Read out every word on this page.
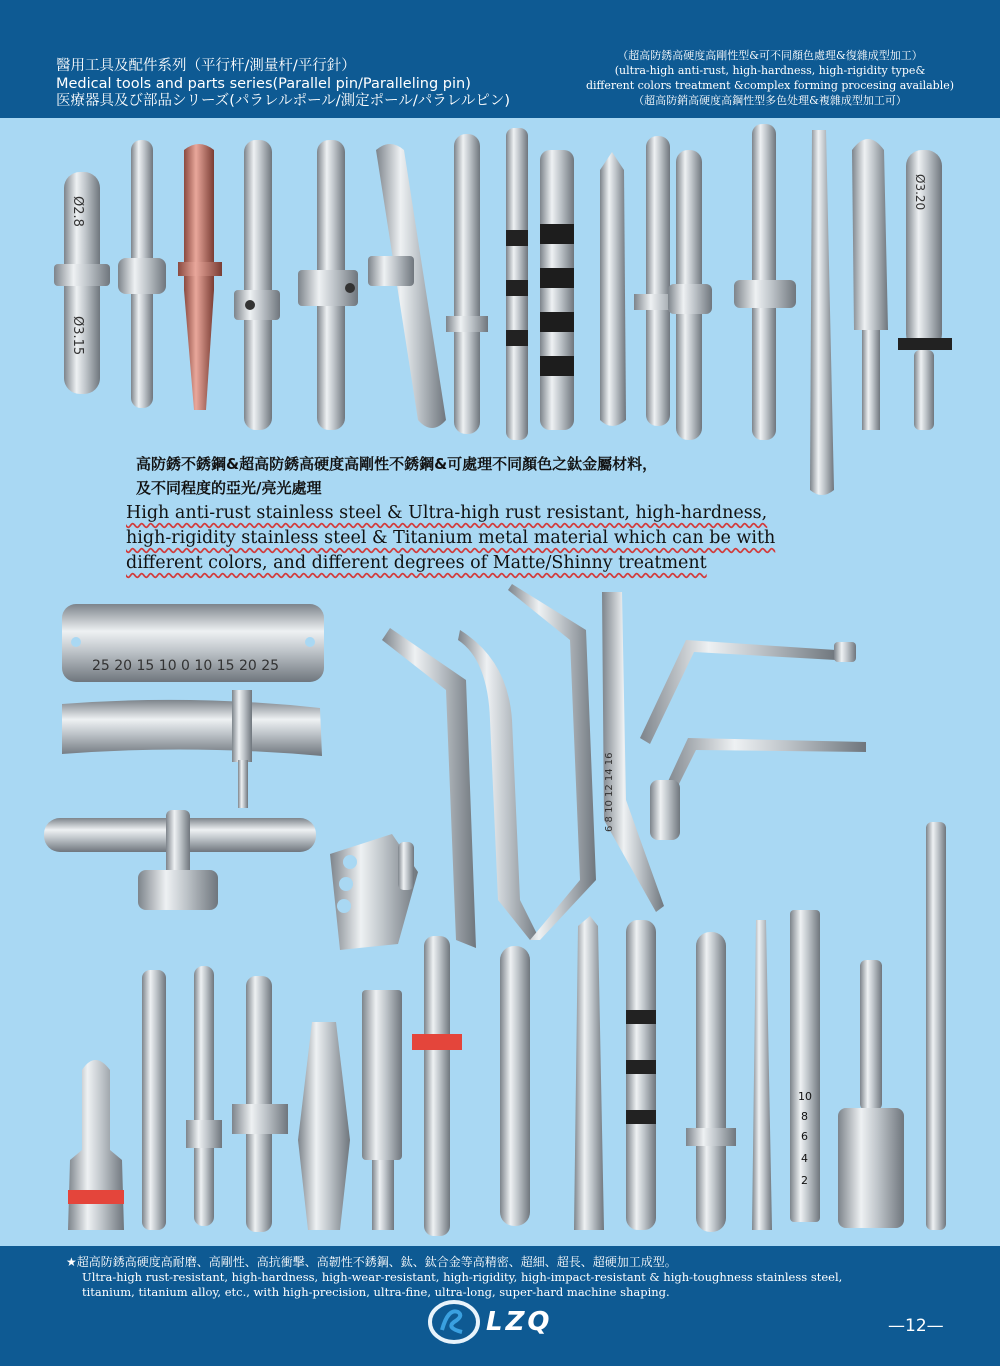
醫用工具及配件系列（平行杆/測量杆/平行針）
Medical tools and parts series(Parallel pin/Paralleling pin)
医療器具及び部品シリーズ(パラレルポール/測定ポール/パラレルピン)
（超高防銹高硬度高剛性型&可不同顏色處理&復雜成型加工）
(ultra-high anti-rust, high-hardness, high-rigidity type&
different colors treatment &complex forming procesing available)
（超高防銷高硬度高鋼性型多色处理&複雜成型加工可）
Ø2.8
Ø3.15
Ø3.20
25 20 15 10 0 10 15 20 25
6 8 10 12 14 16
10
8
6
4
2
高防銹不銹鋼&超高防銹高硬度高剛性不銹鋼&可處理不同顏色之鈦金屬材料，
及不同程度的亞光/亮光處理
High anti-rust stainless steel & Ultra-high rust resistant, high-hardness,
high-rigidity stainless steel & Titanium metal material which can be with
different colors, and different degrees of Matte/Shinny treatment
★超高防銹高硬度高耐磨、高剛性、高抗衝擊、高韌性不銹鋼、鈦、鈦合金等高精密、超細、超長、超硬加工成型。
Ultra-high rust-resistant, high-hardness, high-wear-resistant, high-rigidity, high-impact-resistant & high-toughness stainless steel,
titanium, titanium alloy, etc., with high-precision, ultra-fine, ultra-long, super-hard machine shaping.
LZQ	—12—
